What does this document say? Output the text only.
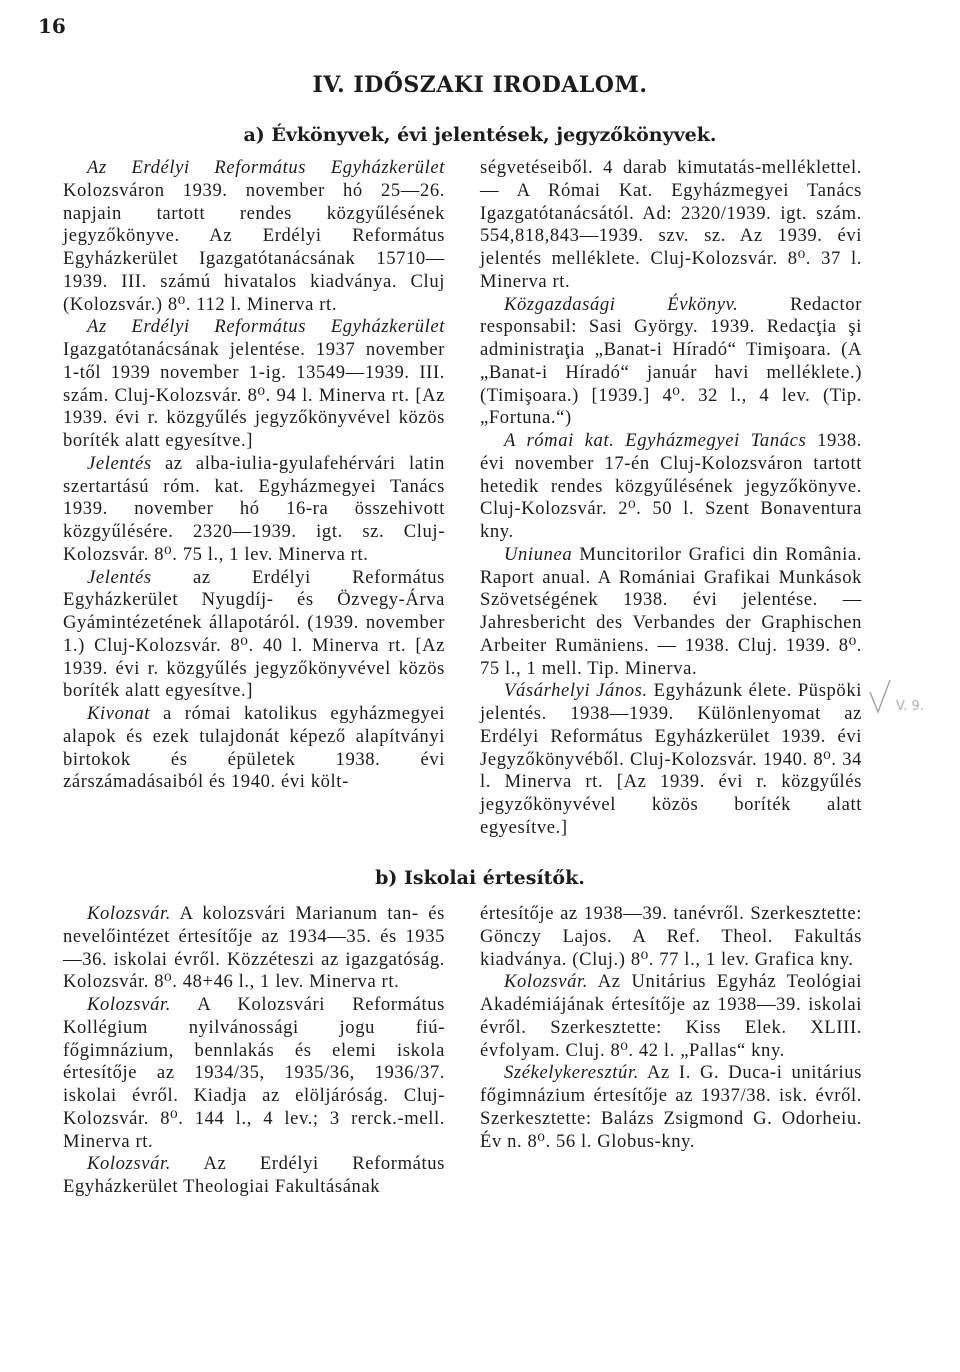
16
IV. IDŐSZAKI IRODALOM.
a) Évkönyvek, évi jelentések, jegyzőkönyvek.

Az Erdélyi Református Egyházkerület Kolozsváron 1939. november hó 25—26. napjain tartott rendes közgyűlésének jegyzőkönyve. Az Erdélyi Református Egyházkerület Igazgatótanácsának 15710—1939. III. számú hivatalos kiadványa. Cluj (Kolozsvár.) 8⁰. 112 l. Minerva rt.

Az Erdélyi Református Egyházkerület Igazgatótanácsának jelentése. 1937 november 1-től 1939 november 1-ig. 13549—1939. III. szám. Cluj-Kolozsvár. 8⁰. 94 l. Minerva rt. [Az 1939. évi r. közgyűlés jegyzőkönyvével közös boríték alatt egyesítve.]

Jelentés az alba-iulia-gyulafehérvári latin szertartású róm. kat. Egyházmegyei Tanács 1939. november hó 16-ra összehivott közgyűlésére. 2320—1939. igt. sz. Cluj-Kolozsvár. 8⁰. 75 l., 1 lev. Minerva rt.

Jelentés az Erdélyi Református Egyházkerület Nyugdíj- és Özvegy-Árva Gyámintézetének állapotáról. (1939. november 1.) Cluj-Kolozsvár. 8⁰. 40 l. Minerva rt. [Az 1939. évi r. közgyűlés jegyzőkönyvével közös boríték alatt egyesítve.]

Kivonat a római katolikus egyházmegyei alapok és ezek tulajdonát képező alapítványi birtokok és épületek 1938. évi zárszámadásaiból és 1940. évi költ-

ségvetéseiből. 4 darab kimutatás-melléklettel. — A Római Kat. Egyházmegyei Tanács Igazgatótanácsától. Ad: 2320/1939. igt. szám. 554,818,843—1939. szv. sz. Az 1939. évi jelentés melléklete. Cluj-Kolozsvár. 8⁰. 37 l. Minerva rt.

Közgazdasági Évkönyv.	Redactor responsabil: Sasi György. 1939. Redacţia şi administraţia „Banat-i Híradó“ Timişoara. (A „Banat-i Híradó“ január havi melléklete.) (Timişoara.) [1939.] 4⁰. 32 l., 4 lev. (Tip. „Fortuna.“)

A római kat. Egyházmegyei Tanács 1938. évi november 17-én Cluj-Kolozsváron tartott hetedik rendes közgyűlésének jegyzőkönyve. Cluj-Kolozsvár. 2⁰. 50 l. Szent Bonaventura kny.

Uniunea Muncitorilor Grafici din România. Raport anual. A Romániai Grafikai Munkások Szövetségének 1938. évi jelentése. — Jahresbericht des Verbandes der Graphischen Arbeiter Rumäniens. — 1938. Cluj. 1939. 8⁰. 75 l., 1 mell. Tip. Minerva.

Vásárhelyi János. Egyházunk élete. Püspöki jelentés. 1938—1939. Különlenyomat az Erdélyi Református Egyházkerület 1939. évi Jegyzőkönyvéből. Cluj-Kolozsvár. 1940. 8⁰. 34 l. Minerva rt. [Az 1939. évi r. közgyűlés jegyzőkönyvével közös boríték alatt egyesítve.]

b) Iskolai értesítők.

Kolozsvár. A kolozsvári Marianum tan- és nevelőintézet értesítője az 1934—35. és 1935—36. iskolai évről. Közzéteszi az igazgatóság. Kolozsvár. 8⁰. 48+46 l., 1 lev. Minerva rt.

Kolozsvár. A Kolozsvári Református Kollégium nyilvánossági jogu fiú-főgimnázium, bennlakás és elemi iskola értesítője az 1934/35, 1935/36, 1936/37. iskolai évről. Kiadja az elöljáróság. Cluj-Kolozsvár. 8⁰. 144 l., 4 lev.; 3 rerck.-mell. Minerva rt.

Kolozsvár. Az Erdélyi Református Egyházkerület Theologiai Fakultásának

értesítője az 1938—39. tanévről. Szerkesztette: Gönczy Lajos. A Ref. Theol. Fakultás kiadványa. (Cluj.) 8⁰. 77 l., 1 lev. Grafica kny.

Kolozsvár. Az Unitárius Egyház Teológiai Akadémiájának értesítője az 1938—39. iskolai évről. Szerkesztette: Kiss Elek. XLIII. évfolyam. Cluj. 8⁰. 42 l. „Pallas“ kny.

Székelykeresztúr. Az I. G. Duca-i unitárius főgimnázium értesítője az 1937/38. isk. évről. Szerkesztette: Balázs Zsigmond G. Odorheiu. Év n. 8⁰. 56 l. Globus-kny.

V. 9.
